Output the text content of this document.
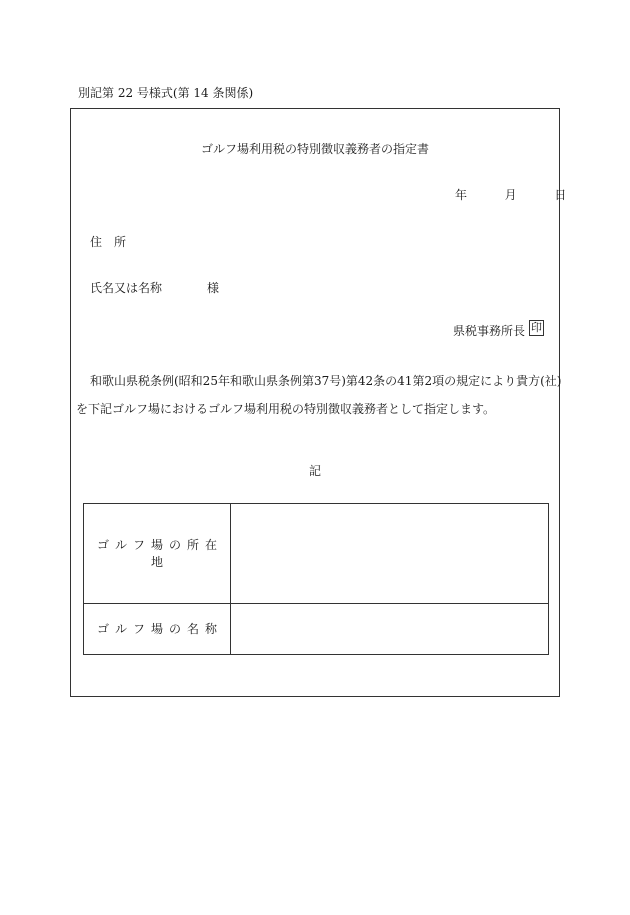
別記第 22 号様式(第 14 条関係)
ゴルフ場利用税の特別徴収義務者の指定書
年	月	日
住　所
氏名又は名称	様
県税事務所長 印
和歌山県税条例(昭和25年和歌山県条例第37号)第42条の41第2項の規定により貴方(社)
を下記ゴルフ場におけるゴルフ場利用税の特別徴収義務者として指定します。
記
ゴルフ場の所在地	
ゴルフ場の名称	
